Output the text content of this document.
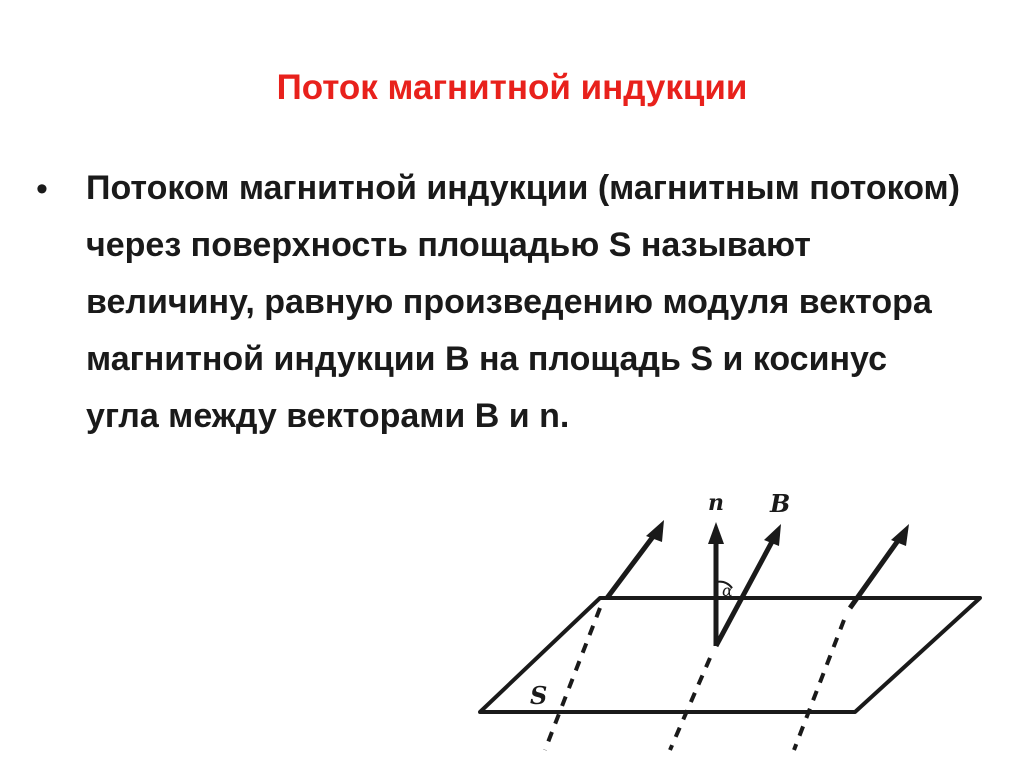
Поток магнитной индукции
• Потоком магнитной индукции (магнитным потоком) через поверхность площадью S называют величину, равную произведению модуля вектора магнитной индукции B на площадь S и косинус угла между векторами B и n.
n B
α
S
